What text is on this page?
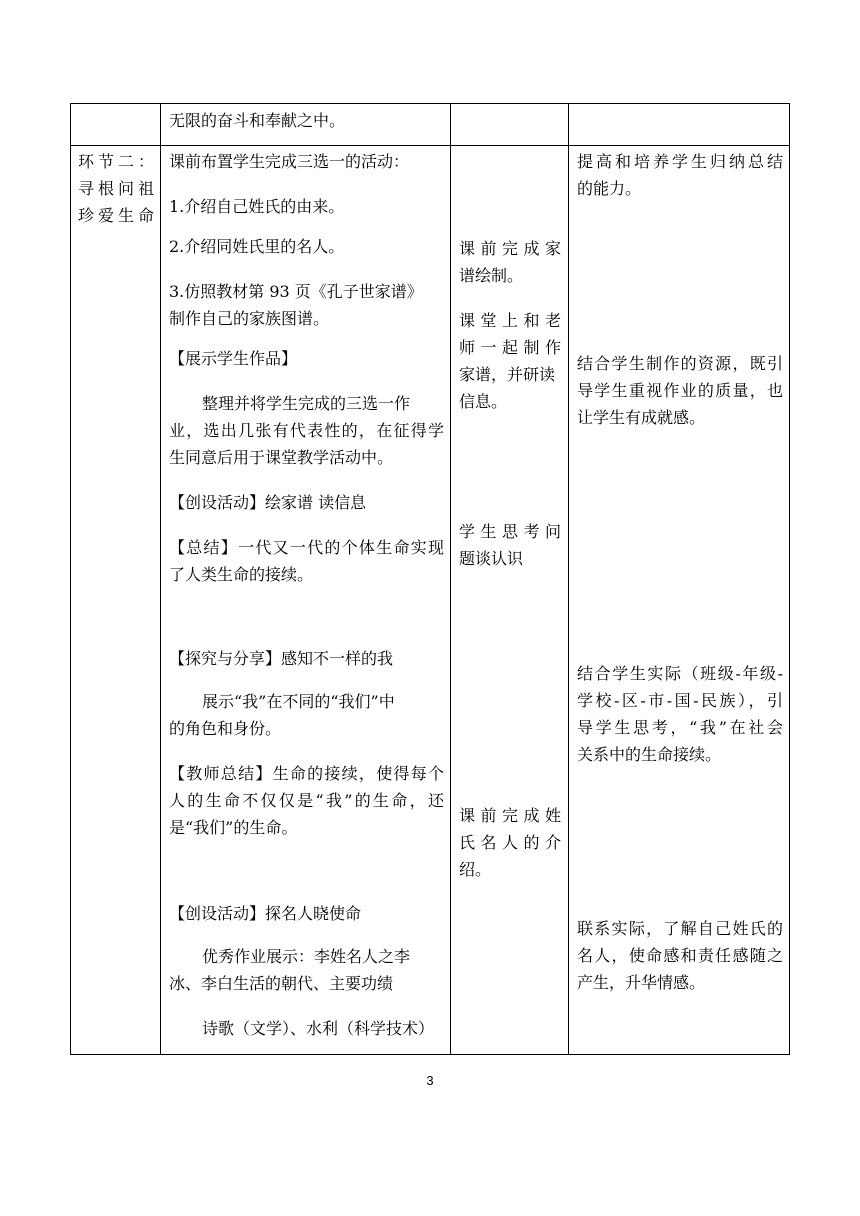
无限的奋斗和奉献之中。
环节二：
寻根问祖
珍爱生命
课前布置学生完成三选一的活动：
1.介绍自己姓氏的由来。
2.介绍同姓氏里的名人。
3.仿照教材第 93 页《孔子世家谱》
制作自己的家族图谱。
【展示学生作品】
整理并将学生完成的三选一作
业，选出几张有代表性的，在征得学
生同意后用于课堂教学活动中。
【创设活动】绘家谱 读信息
【总结】一代又一代的个体生命实现
了人类生命的接续。
【探究与分享】感知不一样的我
展示“我”在不同的“我们”中
的角色和身份。
【教师总结】生命的接续，使得每个
人的生命不仅仅是“我”的生命，还
是“我们”的生命。
【创设活动】探名人晓使命
优秀作业展示：李姓名人之李
冰、李白生活的朝代、主要功绩
诗歌（文学）、水利（科学技术）
课前完成家
谱绘制。
课堂上和老
师一起制作
家谱，并研读
信息。
学生思考问
题谈认识
课前完成姓
氏名人的介
绍。
提高和培养学生归纳总结
的能力。
结合学生制作的资源，既引
导学生重视作业的质量，也
让学生有成就感。
结合学生实际（班级-年级-
学校-区-市-国-民族），引
导学生思考，“我”在社会
关系中的生命接续。
联系实际，了解自己姓氏的
名人，使命感和责任感随之
产生，升华情感。
3
